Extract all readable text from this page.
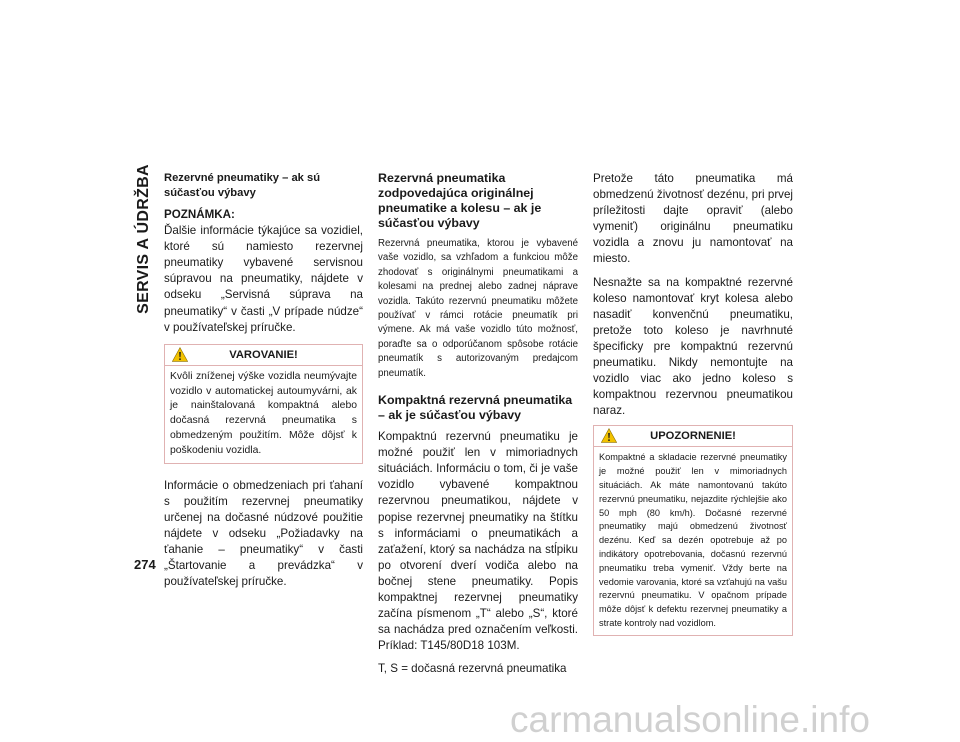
SERVIS A ÚDRŽBA
274

Rezervné pneumatiky – ak sú súčasťou výbavy

POZNÁMKA:

Ďalšie informácie týkajúce sa vozidiel, ktoré sú namiesto rezervnej pneumatiky vybavené servisnou súpravou na pneumatiky, nájdete v odseku „Servisná súprava na pneumatiky“ v časti „V prípade núdze“ v používateľskej príručke.

VAROVANIE!
Kvôli zníženej výške vozidla neumývajte vozidlo v automatickej autoumyvárni, ak je nainštalovaná kompaktná alebo dočasná rezervná pneumatika s obmedzeným použitím. Môže dôjsť k poškodeniu vozidla.

Informácie o obmedzeniach pri ťahaní s použitím rezervnej pneumatiky určenej na dočasné núdzové použitie nájdete v odseku „Požiadavky na ťahanie – pneumatiky“ v časti „Štartovanie a prevádzka“ v používateľskej príručke.

Rezervná pneumatika zodpovedajúca originálnej pneumatike a kolesu – ak je súčasťou výbavy

Rezervná pneumatika, ktorou je vybavené vaše vozidlo, sa vzhľadom a funkciou môže zhodovať s originálnymi pneumatikami a kolesami na prednej alebo zadnej náprave vozidla. Takúto rezervnú pneumatiku môžete používať v rámci rotácie pneumatík pri výmene. Ak má vaše vozidlo túto možnosť, poraďte sa o odporúčanom spôsobe rotácie pneumatík s autorizovaným predajcom pneumatík.

Kompaktná rezervná pneumatika – ak je súčasťou výbavy

Kompaktnú rezervnú pneumatiku je možné použiť len v mimoriadnych situáciách. Informáciu o tom, či je vaše vozidlo vybavené kompaktnou rezervnou pneumatikou, nájdete v popise rezervnej pneumatiky na štítku s informáciami o pneumatikách a zaťažení, ktorý sa nachádza na stĺpiku po otvorení dverí vodiča alebo na bočnej stene pneumatiky. Popis kompaktnej rezervnej pneumatiky začína písmenom „T“ alebo „S“, ktoré sa nachádza pred označením veľkosti. Príklad: T145/80D18 103M.

T, S = dočasná rezervná pneumatika

Pretože táto pneumatika má obmedzenú životnosť dezénu, pri prvej príležitosti dajte opraviť (alebo vymeniť) originálnu pneumatiku vozidla a znovu ju namontovať na miesto.

Nesnažte sa na kompaktné rezervné koleso namontovať kryt kolesa alebo nasadiť konvenčnú pneumatiku, pretože toto koleso je navrhnuté špecificky pre kompaktnú rezervnú pneumatiku. Nikdy nemontujte na vozidlo viac ako jedno koleso s kompaktnou rezervnou pneumatikou naraz.

UPOZORNENIE!
Kompaktné a skladacie rezervné pneumatiky je možné použiť len v mimoriadnych situáciách. Ak máte namontovanú takúto rezervnú pneumatiku, nejazdite rýchlejšie ako 50 mph (80 km/h). Dočasné rezervné pneumatiky majú obmedzenú životnosť dezénu. Keď sa dezén opotrebuje až po indikátory opotrebovania, dočasnú rezervnú pneumatiku treba vymeniť. Vždy berte na vedomie varovania, ktoré sa vzťahujú na vašu rezervnú pneumatiku. V opačnom prípade môže dôjsť k defektu rezervnej pneumatiky a strate kontroly nad vozidlom.
carmanualsonline.info
